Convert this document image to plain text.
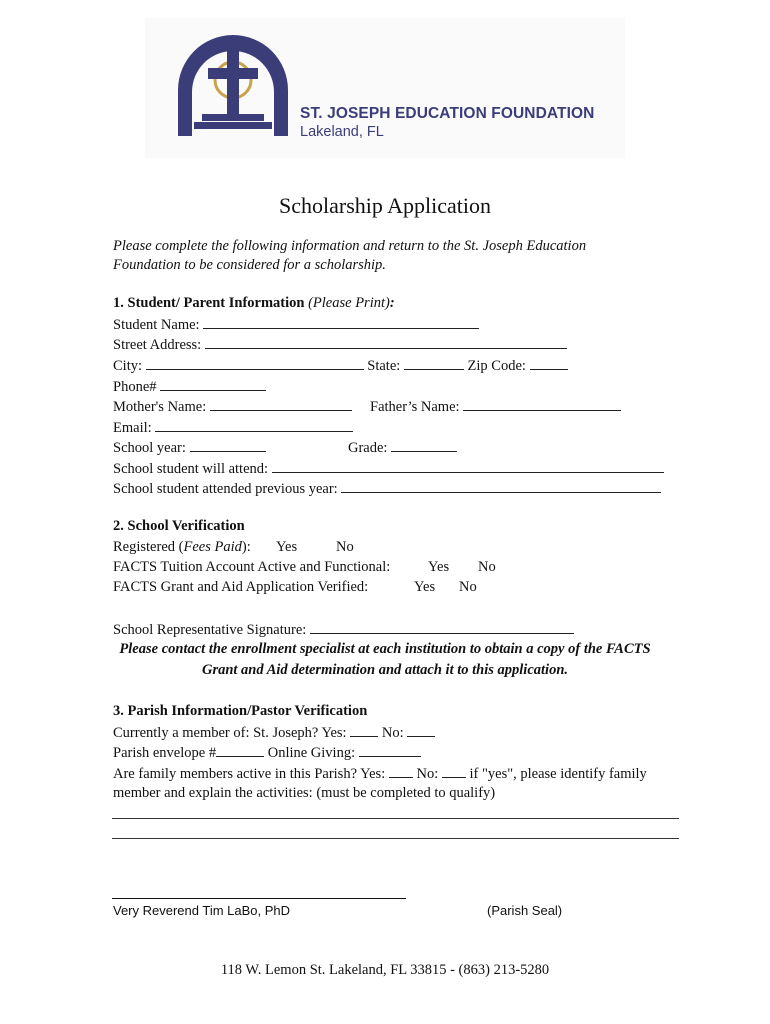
ST. JOSEPH EDUCATION FOUNDATION
Lakeland, FL
Scholarship Application
Please complete the following information and return to the St. Joseph Education
Foundation to be considered for a scholarship.
1. Student/ Parent Information (Please Print):
Student Name:
Street Address:
City:	State:	Zip Code:
Phone#
Mother's Name:	Father’s Name:
Email:
School year:	Grade:
School student will attend:
School student attended previous year:
2. School Verification
Registered (Fees Paid): Yes	No
FACTS Tuition Account Active and Functional:	Yes No
FACTS Grant and Aid Application Verified:	Yes No
School Representative Signature:
Please contact the enrollment specialist at each institution to obtain a copy of the FACTS
Grant and Aid determination and attach it to this application.
3. Parish Information/Pastor Verification
Currently a member of: St. Joseph? Yes: No:
Parish envelope #	Online Giving:
Are family members active in this Parish? Yes: No: if "yes", please identify family
member and explain the activities: (must be completed to qualify)
Very Reverend Tim LaBo, PhD	(Parish Seal)
118 W. Lemon St. Lakeland, FL 33815 - (863) 213-5280
